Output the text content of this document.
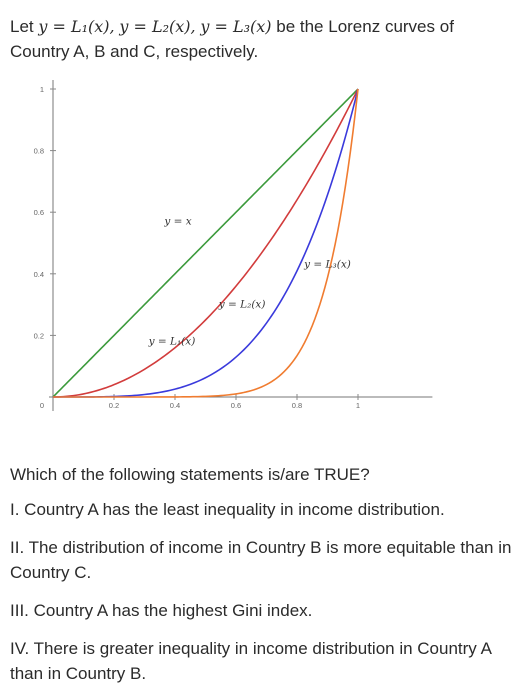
Let y = L₁(x), y = L₂(x), y = L₃(x) be the Lorenz curves of Country A, B and C, respectively.
0.2	0.4	0.6	0.8	1
0
0.2
0.4
0.6
0.8
1
y = x
y = L₁(x)
y = L₂(x)
y = L₃(x)
Which of the following statements is/are TRUE?
I. Country A has the least inequality in income distribution.
II. The distribution of income in Country B is more equitable than in Country C.
III. Country A has the highest Gini index.
IV. There is greater inequality in income distribution in Country A than in Country B.
